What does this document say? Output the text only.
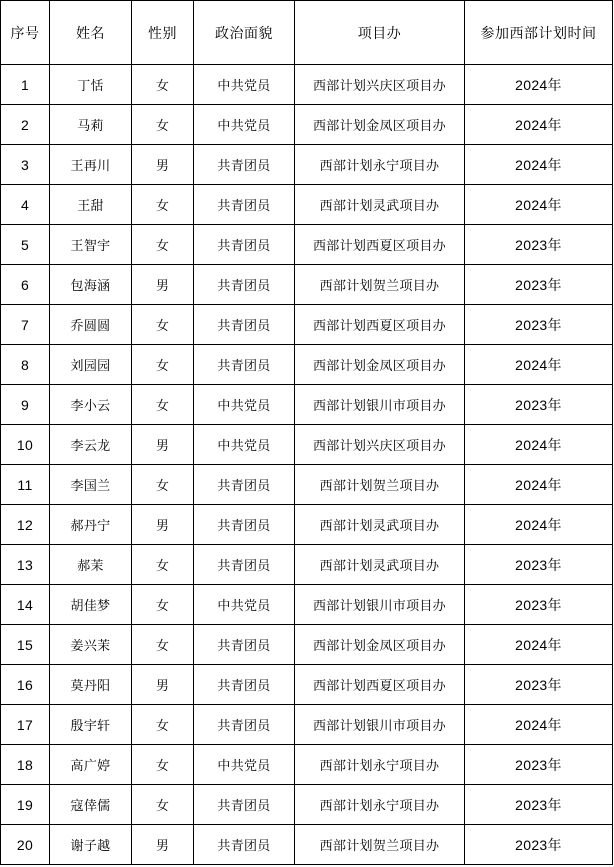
序号	姓名	性别	政治面貌	项目办	参加西部计划时间
1	丁恬	女	中共党员	西部计划兴庆区项目办	2024年
2	马莉	女	中共党员	西部计划金凤区项目办	2024年
3	王再川	男	共青团员	西部计划永宁项目办	2024年
4	王甜	女	共青团员	西部计划灵武项目办	2024年
5	王智宇	女	共青团员	西部计划西夏区项目办	2023年
6	包海涵	男	共青团员	西部计划贺兰项目办	2023年
7	乔圆圆	女	共青团员	西部计划西夏区项目办	2023年
8	刘园园	女	共青团员	西部计划金凤区项目办	2024年
9	李小云	女	中共党员	西部计划银川市项目办	2023年
10	李云龙	男	中共党员	西部计划兴庆区项目办	2024年
11	李国兰	女	共青团员	西部计划贺兰项目办	2024年
12	郝丹宁	男	共青团员	西部计划灵武项目办	2024年
13	郝茉	女	共青团员	西部计划灵武项目办	2023年
14	胡佳梦	女	中共党员	西部计划银川市项目办	2023年
15	姜兴茉	女	共青团员	西部计划金凤区项目办	2024年
16	莫丹阳	男	共青团员	西部计划西夏区项目办	2023年
17	殷宇轩	女	共青团员	西部计划银川市项目办	2024年
18	高广婷	女	中共党员	西部计划永宁项目办	2023年
19	寇倖儒	女	共青团员	西部计划永宁项目办	2023年
20	谢子越	男	共青团员	西部计划贺兰项目办	2023年
